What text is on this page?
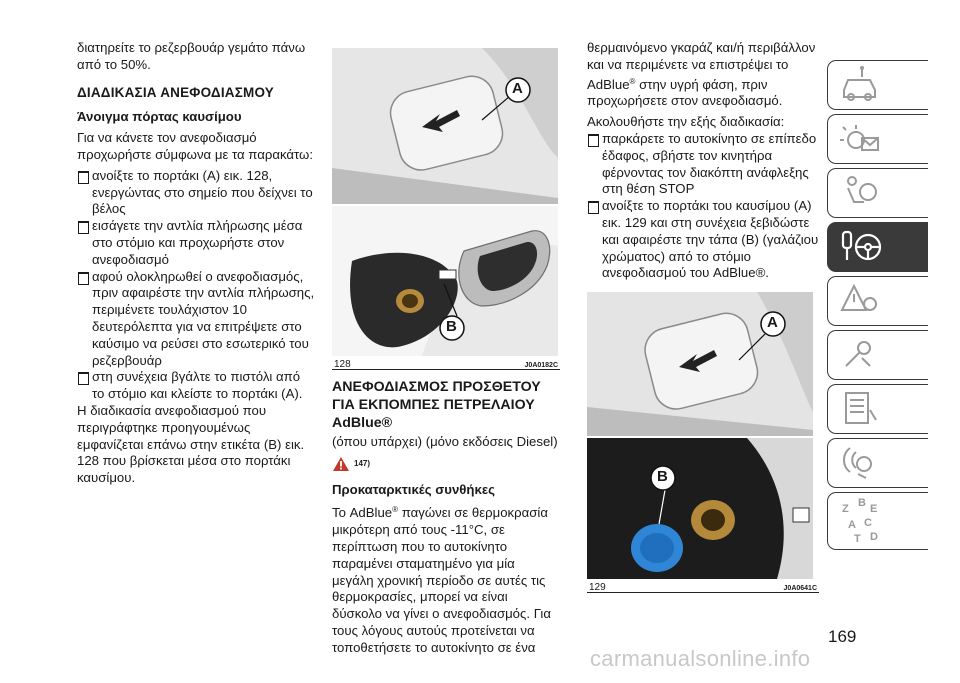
διατηρείτε το ρεζερβουάρ γεμάτο πάνω από το 50%.

ΔΙΑΔΙΚΑΣΙΑ ΑΝΕΦΟΔΙΑΣΜΟΥ
Άνοιγμα πόρτας καυσίμου

Για να κάνετε τον ανεφοδιασμό προχωρήστε σύμφωνα με τα παρακάτω:

ανοίξτε το πορτάκι (A) εικ. 128, ενεργώντας στο σημείο που δείχνει το βέλος

εισάγετε την αντλία πλήρωσης μέσα στο στόμιο και προχωρήστε στον ανεφοδιασμό

αφού ολοκληρωθεί ο ανεφοδιασμός, πριν αφαιρέστε την αντλία πλήρωσης, περιμένετε τουλάχιστον 10 δευτερόλεπτα για να επιτρέψετε στο καύσιμο να ρεύσει στο εσωτερικό του ρεζερβουάρ

στη συνέχεια βγάλτε το πιστόλι από το στόμιο και κλείστε το πορτάκι (A).

Η διαδικασία ανεφοδιασμού που περιγράφτηκε προηγουμένως εμφανίζεται επάνω στην ετικέτα (B) εικ. 128 που βρίσκεται μέσα στο πορτάκι καυσίμου.

A
B
128	J0A0182C
ΑΝΕΦΟΔΙΑΣΜΟΣ ΠΡΟΣΘΕΤΟΥ ΓΙΑ ΕΚΠΟΜΠΕΣ ΠΕΤΡΕΛΑΙΟΥ AdBlue®

(όπου υπάρχει) (μόνο εκδόσεις Diesel)

147)
Προκαταρκτικές συνθήκες

Το AdBlue® παγώνει σε θερμοκρασία μικρότερη από τους -11°C, σε περίπτωση που το αυτοκίνητο παραμένει σταματημένο για μία μεγάλη χρονική περίοδο σε αυτές τις θερμοκρασίες, μπορεί να είναι δύσκολο να γίνει ο ανεφοδιασμός. Για τους λόγους αυτούς προτείνεται να τοποθετήσετε το αυτοκίνητο σε ένα

θερμαινόμενο γκαράζ και/ή περιβάλλον και να περιμένετε να επιστρέψει το AdBlue® στην υγρή φάση, πριν προχωρήσετε στον ανεφοδιασμό.

Ακολουθήστε την εξής διαδικασία:

παρκάρετε το αυτοκίνητο σε επίπεδο έδαφος, σβήστε τον κινητήρα φέρνοντας τον διακόπτη ανάφλεξης στη θέση STOP

ανοίξτε το πορτάκι του καυσίμου (A) εικ. 129 και στη συνέχεια ξεβιδώστε και αφαιρέστε την τάπα (B) (γαλάζιου χρώματος) από το στόμιο ανεφοδιασμού του AdBlue®.

A
B
129	J0A0641C
Z B E
A C
T D
169
carmanualsonline.info
